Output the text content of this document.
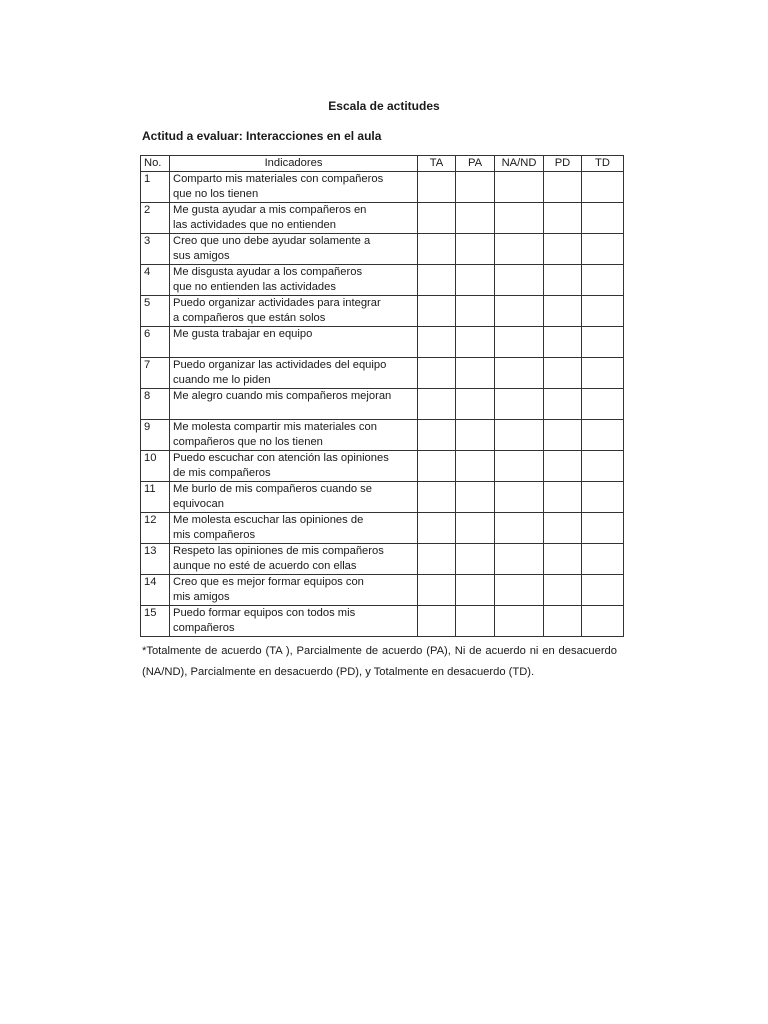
Escala de actitudes
Actitud a evaluar: Interacciones en el aula
No.	Indicadores	TA	PA	NA/ND	PD	TD
1	Comparto mis materiales con compañeros
que no los tienen					
2	Me gusta ayudar a mis compañeros en
las actividades que no entienden					
3	Creo que uno debe ayudar solamente a
sus amigos					
4	Me disgusta ayudar a los compañeros
que no entienden las actividades					
5	Puedo organizar actividades para integrar
a compañeros que están solos					
6	Me gusta trabajar en equipo					
7	Puedo organizar las actividades del equipo
cuando me lo piden					
8	Me alegro cuando mis compañeros mejoran					
9	Me molesta compartir mis materiales con
compañeros que no los tienen					
10	Puedo escuchar con atención las opiniones
de mis compañeros					
11	Me burlo de mis compañeros cuando se
equivocan					
12	Me molesta escuchar las opiniones de
mis compañeros					
13	Respeto las opiniones de mis compañeros
aunque no esté de acuerdo con ellas					
14	Creo que es mejor formar equipos con
mis amigos					
15	Puedo formar equipos con todos mis
compañeros					
*Totalmente de acuerdo (TA ), Parcialmente de acuerdo (PA), Ni de acuerdo ni en desacuerdo (NA/ND), Parcialmente en desacuerdo (PD), y Totalmente en desacuerdo (TD).
